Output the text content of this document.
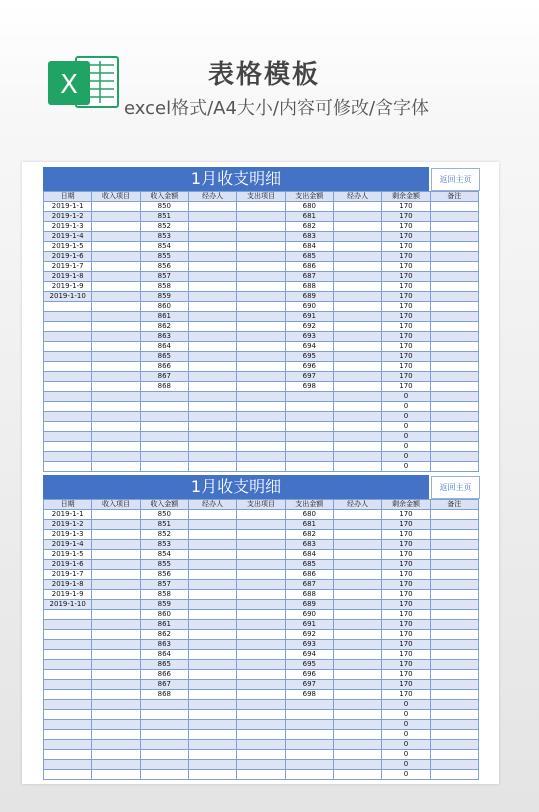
X	表格模板
excel格式/A4大小/内容可修改/含字体
1月收支明细	返回主页
日期	收入项目	收入金额	经办人	支出项目	支出金额	经办人	剩余金额	备注
2019-1-1		850			680		170	
2019-1-2		851			681		170	
2019-1-3		852			682		170	
2019-1-4		853			683		170	
2019-1-5		854			684		170	
2019-1-6		855			685		170	
2019-1-7		856			686		170	
2019-1-8		857			687		170	
2019-1-9		858			688		170	
2019-1-10		859			689		170	
		860			690		170	
		861			691		170	
		862			692		170	
		863			693		170	
		864			694		170	
		865			695		170	
		866			696		170	
		867			697		170	
		868			698		170	
							0	
							0	
							0	
							0	
							0	
							0	
							0	
							0	
1月收支明细	返回主页
日期	收入项目	收入金额	经办人	支出项目	支出金额	经办人	剩余金额	备注
2019-1-1		850			680		170	
2019-1-2		851			681		170	
2019-1-3		852			682		170	
2019-1-4		853			683		170	
2019-1-5		854			684		170	
2019-1-6		855			685		170	
2019-1-7		856			686		170	
2019-1-8		857			687		170	
2019-1-9		858			688		170	
2019-1-10		859			689		170	
		860			690		170	
		861			691		170	
		862			692		170	
		863			693		170	
		864			694		170	
		865			695		170	
		866			696		170	
		867			697		170	
		868			698		170	
							0	
							0	
							0	
							0	
							0	
							0	
							0	
							0	
